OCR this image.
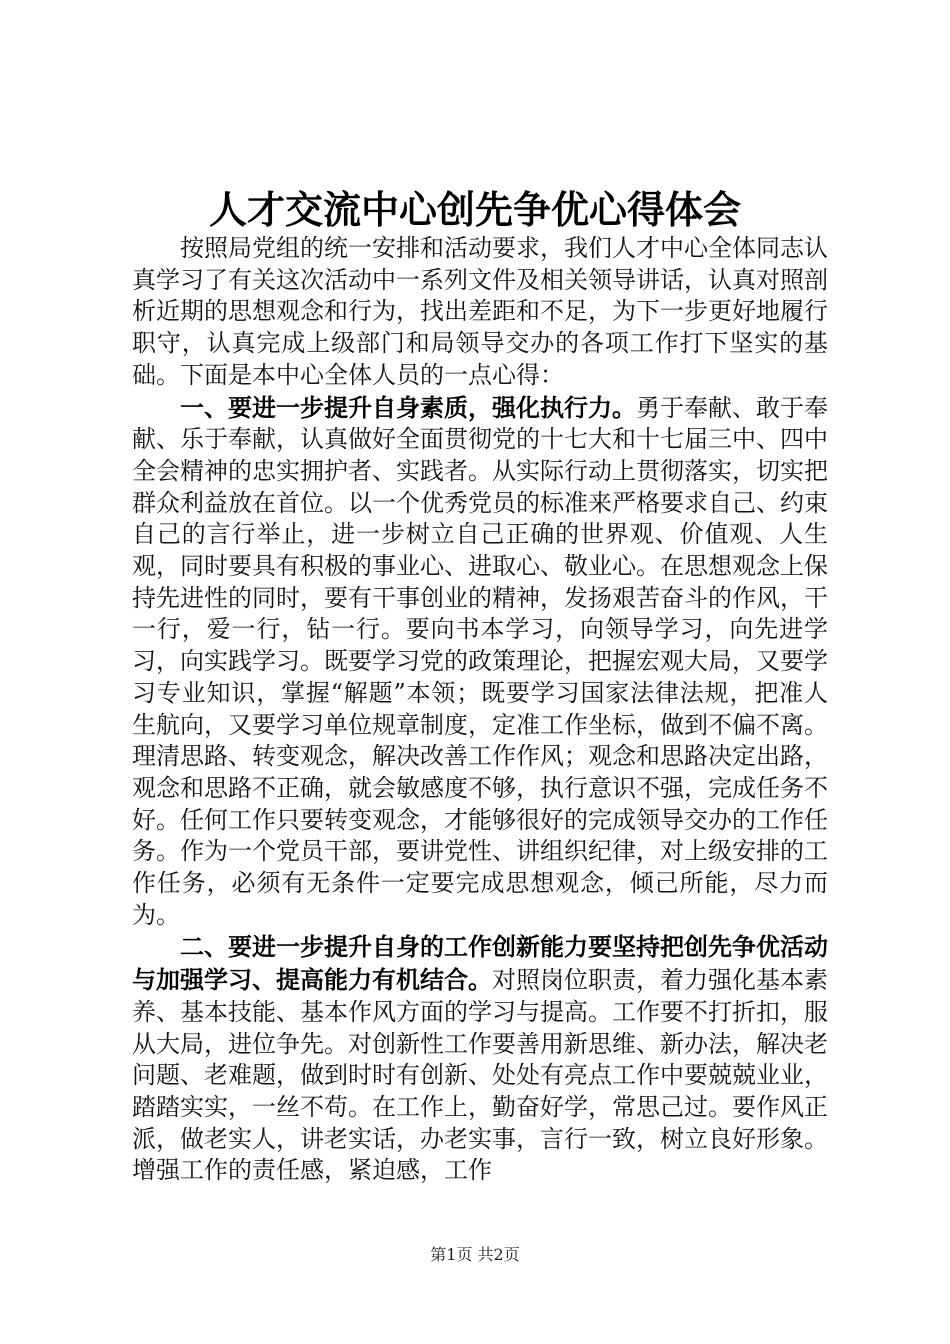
人才交流中心创先争优心得体会

按照局党组的统一安排和活动要求，我们人才中心全体同志认真学习了有关这次活动中一系列文件及相关领导讲话，认真对照剖析近期的思想观念和行为，找出差距和不足，为下一步更好地履行职守，认真完成上级部门和局领导交办的各项工作打下坚实的基础。下面是本中心全体人员的一点心得：

一、要进一步提升自身素质，强化执行力。勇于奉献、敢于奉献、乐于奉献，认真做好全面贯彻党的十七大和十七届三中、四中全会精神的忠实拥护者、实践者。从实际行动上贯彻落实，切实把群众利益放在首位。以一个优秀党员的标准来严格要求自己、约束自己的言行举止，进一步树立自己正确的世界观、价值观、人生观，同时要具有积极的事业心、进取心、敬业心。在思想观念上保持先进性的同时，要有干事创业的精神，发扬艰苦奋斗的作风，干一行，爱一行，钻一行。要向书本学习，向领导学习，向先进学习，向实践学习。既要学习党的政策理论，把握宏观大局，又要学习专业知识，掌握“解题”本领；既要学习国家法律法规，把准人生航向，又要学习单位规章制度，定准工作坐标，做到不偏不离。理清思路、转变观念，解决改善工作作风；观念和思路决定出路，观念和思路不正确，就会敏感度不够，执行意识不强，完成任务不好。任何工作只要转变观念，才能够很好的完成领导交办的工作任务。作为一个党员干部，要讲党性、讲组织纪律，对上级安排的工作任务，必须有无条件一定要完成思想观念，倾己所能，尽力而为。

二、要进一步提升自身的工作创新能力要坚持把创先争优活动与加强学习、提高能力有机结合。对照岗位职责，着力强化基本素养、基本技能、基本作风方面的学习与提高。工作要不打折扣，服从大局，进位争先。对创新性工作要善用新思维、新办法，解决老问题、老难题，做到时时有创新、处处有亮点工作中要兢兢业业，踏踏实实，一丝不苟。在工作上，勤奋好学，常思己过。要作风正派，做老实人，讲老实话，办老实事，言行一致，树立良好形象。增强工作的责任感，紧迫感，工作

第1页 共2页
